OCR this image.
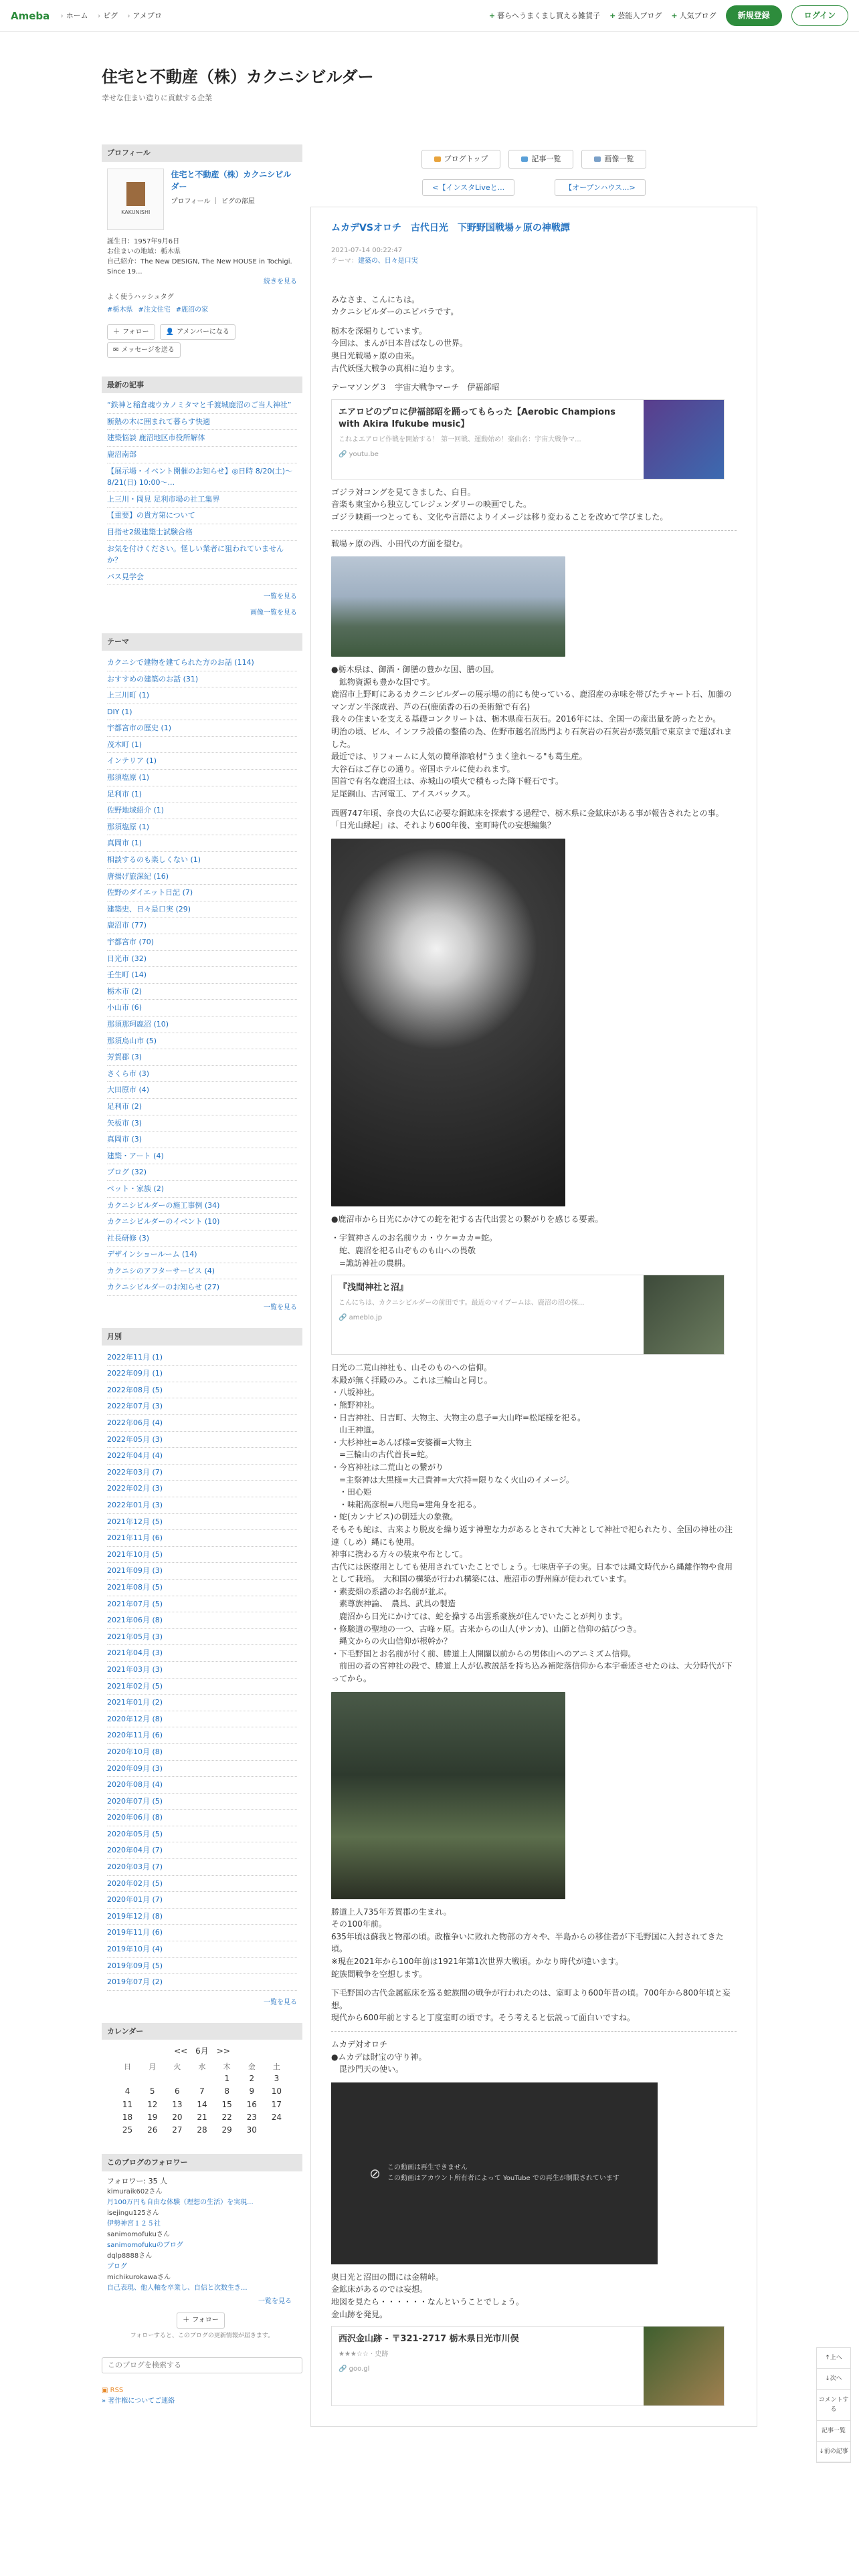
Ameba	› ホーム	› ピグ	› アメプロ	+ 暮らへうまくまし買える雑貨子 + 芸能人ブログ + 人気ブログ	新規登録	ログイン
住宅と不動産（株）カクニシビルダー
幸せな住まい造りに貢献する企業
プロフィール
KAKUNISHI
住宅と不動産（株）カクニシビルダー
プロフィール ｜ ピグの部屋
誕生日：1957年9月6日
お住まいの地域：栃木県
自己紹介：The New DESIGN, The New HOUSE in Tochigi. Since 19...
続きを見る
よく使うハッシュタグ
#栃木県 #注文住宅 #鹿沼の家
＋ フォロー
	👤 アメンバーになる

✉ メッセージを送る
最新の記事
“鉄神と稲倉魂ウカノミタマと千渡城鹿沼のご当人神社”
断熱の木に囲まれて暮らす快適
建築悩談 鹿沼地区市役所解体
鹿沼南部
【展示場・イベント開催のお知らせ】◎日時 8/20(土)〜8/21(日) 10:00〜...
上三川・岡見 足利市場の社工集界
【重要】の貴方第について
目指せ2級建築士試験合格
お気を付けください。怪しい業者に狙われていませんか？
バス見学会
一覧を見る
画像一覧を見る
テーマ
カクニシで建物を建てられた方のお話 (114)
おすすめの建築のお話 (31)
上三川町 (1)
DIY (1)
宇都宮市の歴史 (1)
茂木町 (1)
インテリア (1)
那須塩原 (1)
足利市 (1)
佐野地域紹介 (1)
那須塩原 (1)
真岡市 (1)
相談するのも楽しくない (1)
唐揚げ旅深紀 (16)
佐野のダイエット日記 (7)
建築史、日々是口実 (29)
鹿沼市 (77)
宇都宮市 (70)
日光市 (32)
壬生町 (14)
栃木市 (2)
小山市 (6)
那須那珂鹿沼 (10)
那須烏山市 (5)
芳賀郡 (3)
さくら市 (3)
大田原市 (4)
足利市 (2)
矢板市 (3)
真岡市 (3)
建築・アート (4)
ブログ (32)
ペット・家族 (2)
カクニシビルダーの施工事例 (34)
カクニシビルダーのイベント (10)
社長研修 (3)
デザインショールーム (14)
カクニシのアフターサービス (4)
カクニシビルダーのお知らせ (27)
一覧を見る
月別
2022年11月 (1)
2022年09月 (1)
2022年08月 (5)
2022年07月 (3)
2022年06月 (4)
2022年05月 (3)
2022年04月 (4)
2022年03月 (7)
2022年02月 (3)
2022年01月 (3)
2021年12月 (5)
2021年11月 (6)
2021年10月 (5)
2021年09月 (3)
2021年08月 (5)
2021年07月 (5)
2021年06月 (8)
2021年05月 (3)
2021年04月 (3)
2021年03月 (3)
2021年02月 (5)
2021年01月 (2)
2020年12月 (8)
2020年11月 (6)
2020年10月 (8)
2020年09月 (3)
2020年08月 (4)
2020年07月 (5)
2020年06月 (8)
2020年05月 (5)
2020年04月 (7)
2020年03月 (7)
2020年02月 (5)
2020年01月 (7)
2019年12月 (8)
2019年11月 (6)
2019年10月 (4)
2019年09月 (5)
2019年07月 (2)
一覧を見る
カレンダー
<<　6月　>>
日	月	火	水	木	金	土
				1	2	3
4	5	6	7	8	9	10
11	12	13	14	15	16	17
18	19	20	21	22	23	24
25	26	27	28	29	30	
このブログのフォロワー
フォロワー: 35 人
kimuraik602さん
月100万円も自由な体験（理想の生活）を実現...
isejingu125さん
伊勢神宮１２５社
sanimomofukuさん
sanimomofukuのブログ
dqlp8888さん
ブログ
michikurokawaさん
自己表現、他人軸を卒業し、自信と次数生き...
一覧を見る
＋ フォロー
フォローすると、このブログの更新情報が届きます。
このブログを検索する
▣ RSS
» 著作権についてご連絡
ブログトップ	記事一覧	画像一覧
<【インスタLiveと...	【オープンハウス...>
ムカデVSオロチ　古代日光　下野野国戦場ヶ原の神戦譚
2021-07-14 00:22:47
テーマ：建築の、日々是口実

みなさま、こんにちは。
カクニシビルダーのエビバラです。

栃木を深堀りしています。
今回は、まんが日本昔ばなしの世界。
奥日光戦場ヶ原の由来。
古代妖怪大戦争の真相に迫ります。

テーマソング３　宇宙大戦争マーチ　伊福部昭

エアロビのプロに伊福部昭を踊ってもらった【Aerobic Champions with Akira Ifukube music】
これよエアロビ作戦を開始する！ 第一回戦、運動始め！楽曲名：宇宙大戦争マ...
🔗 youtu.be

ゴジラ対コングを見てきました、白目。
音楽も東宝から独立してレジェンダリーの映画でした。
ゴジラ映画一つとっても、文化や言語によりイメージは移り変わることを改めて学びました。

戦場ヶ原の西、小田代の方面を望む。

●栃木県は、御酒・御膳の豊かな国、膳の国。
　鉱物資源も豊かな国です。
鹿沼市上野町にあるカクニシビルダーの展示場の前にも使っている、鹿沼産の赤味を帯びたチャート石、加藤のマンガン半深成岩、芦の石(鹿硫香の石の美術館で有名)
我々の住まいを支える基礎コンクリートは、栃木県産石灰石。2016年には、全国一の産出量を誇ったとか。
明治の頃、ビル、インフラ設備の整備の為、佐野市越名沼馬門より石灰岩の石灰岩が蒸気船で東京まで運ばれました。
最近では、リフォームに人気の簡単漆喰材"うまく塗れ～る"も葛生産。
大谷石はご存じの通り。帝国ホテルに使われます。
国首で有名な鹿沼土は、赤城山の噴火で積もった降下軽石です。
足尾銅山、古河電工、アイスバックス。

西暦747年頃、奈良の大仏に必要な銅鉱床を探索する過程で、栃木県に金鉱床がある事が報告されたとの事。
「日光山縁起」は、それより600年後、室町時代の妄想編集？

●鹿沼市から日光にかけての蛇を祀する古代出雲との繋がりを感じる要素。

・宇賀神さんのお名前ウカ・ウケ=カカ=蛇。
　蛇、鹿沼を祀る山ぞものも山への畏敬
　=諏訪神社の農耕。

『浅間神社と沼』
こんにちは、カクニシビルダーの前田です。最近のマイブームは、鹿沼の沼の探...
🔗 ameblo.jp

日光の二荒山神社も、山そのものへの信仰。
本殿が無く拝殿のみ。これは三輪山と同じ。
・八坂神社。
・熊野神社。
・日吉神社、日吉町、大物主、大物主の息子=大山咋=松尾様を祀る。
　山王神道。
・大杉神社=あんば様=安婆禰=大物主
　=三輪山の古代首長=蛇。
・今宮神社は二荒山との繋がり
　=主祭神は大黒様=大己貴神=大穴持=限りなく火山のイメージ。
　・田心姫
　・味耜高彦根=八咫烏=建角身を祀る。
・蛇(カンナビス)の朝廷大の象徴。
そもそも蛇は、古来より脱皮を繰り返す神聖な力があるとされて大神として神社で祀られたり、全国の神社の注連（しめ）縄にも使用。
神事に携わる方々の装束や布として。
古代には医療用としても使用されていたことでしょう。七味唐辛子の実。日本では縄文時代から縄離作物や食用として栽培。　大和国の構築が行われ構築には、鹿沼市の野州麻が使われています。
・素麦畑の系譜のお名前が並ぶ。
　素尊族神論、　農具、武具の製造
　鹿沼から日光にかけては、蛇を操する出雲系豪族が住んでいたことが判ります。
・修験道の聖地の一つ、古峰ヶ原。古来からの山人(サンカ)、山師と信仰の結びつき。
　縄文からの火山信仰が根幹か？
・下毛野国とお名前が付く前、勝道上人開闢以前からの男体山へのアニミズム信仰。
　前田の者の宮神社の段で、勝道上人が仏教説話を持ち込み補陀落信仰から本宇垂迹させたのは、大分時代が下ってから。

勝道上人735年芳賀郡の生まれ。
その100年前。
635年頃は蘇我と物部の頃。政権争いに敗れた物部の方々や、半島からの移住者が下毛野国に入封されてきた頃。
※現在2021年から100年前は1921年第1次世界大戦頃。かなり時代が違います。
蛇族間戦争を空想します。

下毛野国の古代金属鉱床を巡る蛇族間の戦争が行われたのは、室町より600年昔の頃。700年から800年頃と妄想。
現代から600年前とすると丁度室町の頃です。そう考えると伝説って面白いですね。

ムカデ対オロチ
●ムカデは財宝の守り神。
　毘沙門天の使い。

⊘ この動画は再生できません
この動画はアカウント所有者によって YouTube での再生が制限されています

奥日光と沼田の間には金精峠。
金鉱床があるのでは妄想。
地図を見たら・・・・・・なんということでしょう。
金山跡を発見。

西沢金山跡 - 〒321-2717 栃木県日光市川俣
★★★☆☆ · 史跡
🔗 goo.gl
↑上へ
↓次へ
コメントする
記事一覧
↓前の記事
